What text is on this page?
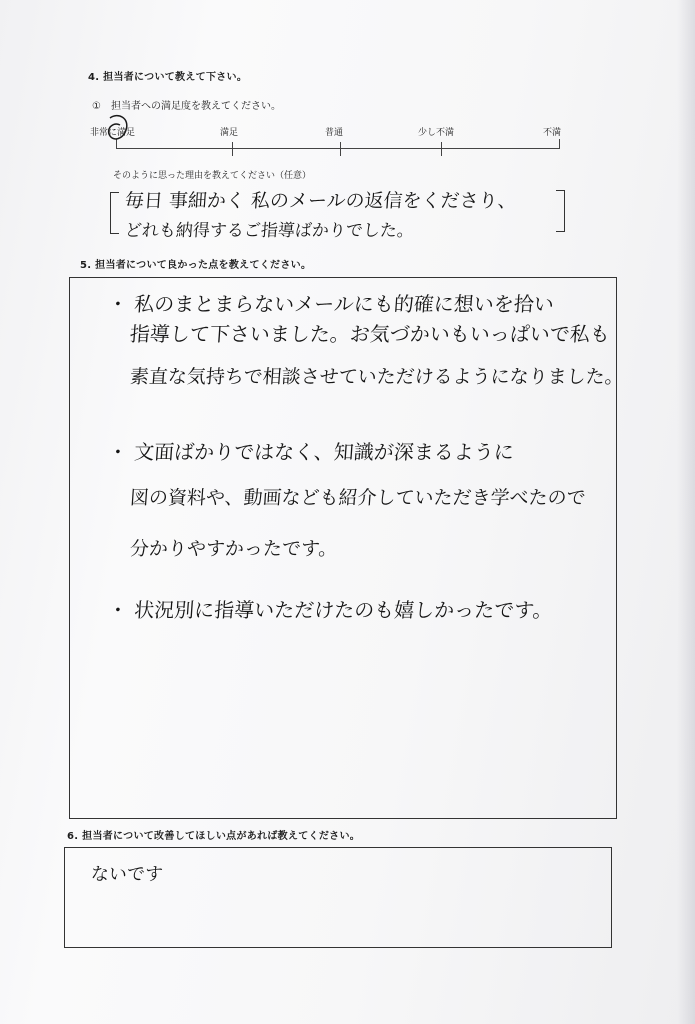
4. 担当者について教えて下さい。
①　担当者への満足度を教えてください。
非常に満足	満足	普通	少し不満	不満
そのように思った理由を教えてください（任意）
毎日 事細かく 私のメールの返信をくださり、
どれも納得するご指導ばかりでした。
5. 担当者について良かった点を教えてください。
・ 私のまとまらないメールにも的確に想いを拾い
指導して下さいました。お気づかいもいっぱいで私も
素直な気持ちで相談させていただけるようになりました。
・ 文面ばかりではなく、知識が深まるように
図の資料や、動画なども紹介していただき学べたので
分かりやすかったです。
・ 状況別に指導いただけたのも嬉しかったです。
6. 担当者について改善してほしい点があれば教えてください。
ないです
